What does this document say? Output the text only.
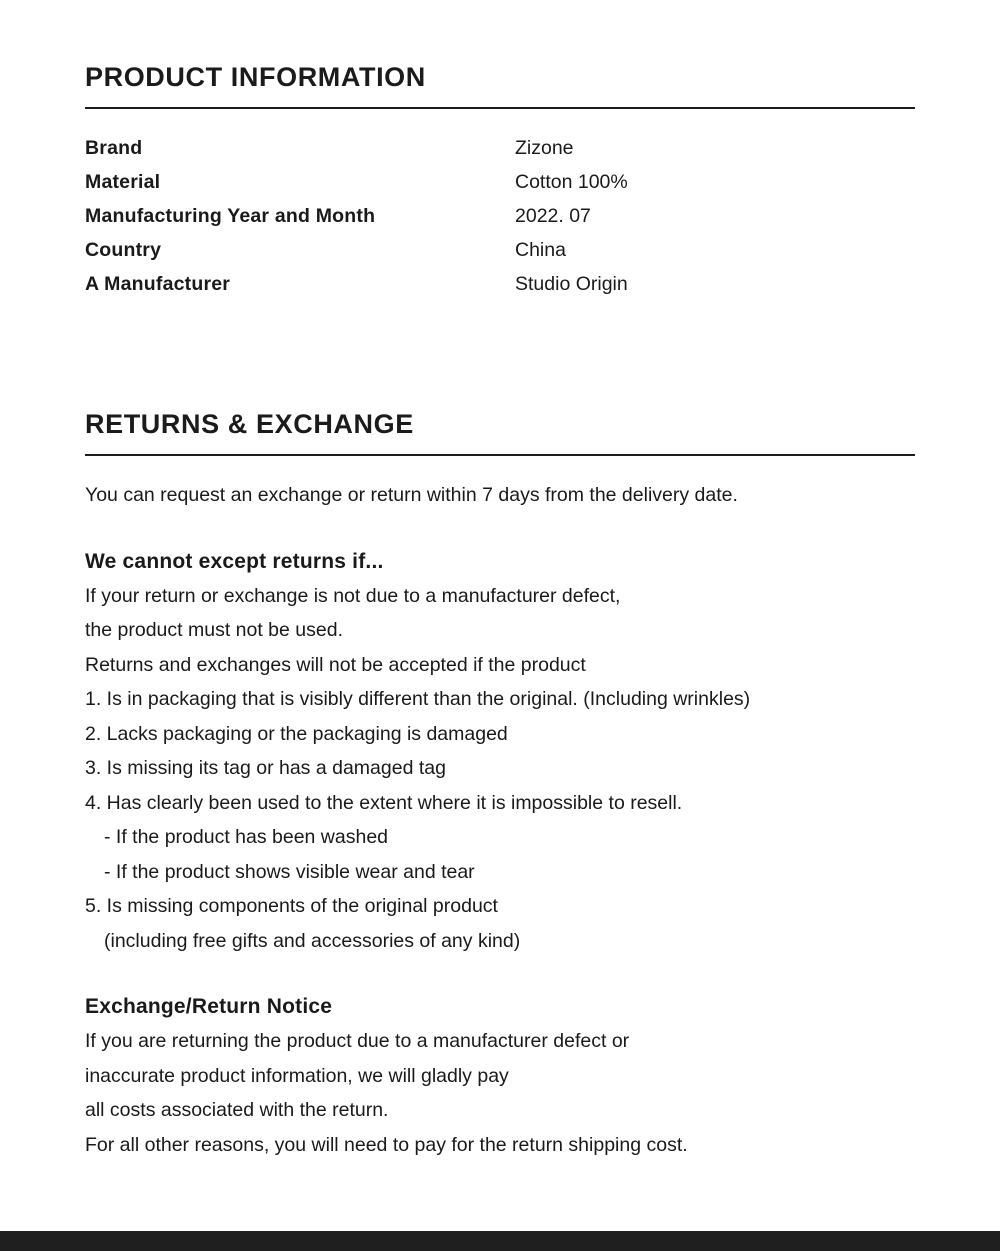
PRODUCT INFORMATION
Brand	Zizone
Material	Cotton 100%
Manufacturing Year and Month	2022. 07
Country	China
A Manufacturer	Studio Origin
RETURNS & EXCHANGE

You can request an exchange or return within 7 days from the delivery date.

We cannot except returns if...

If your return or exchange is not due to a manufacturer defect,

the product must not be used.

Returns and exchanges will not be accepted if the product

1. Is in packaging that is visibly different than the original. (Including wrinkles)

2. Lacks packaging or the packaging is damaged

3. Is missing its tag or has a damaged tag

4. Has clearly been used to the extent where it is impossible to resell.

- If the product has been washed

- If the product shows visible wear and tear

5. Is missing components of the original product

(including free gifts and accessories of any kind)

Exchange/Return Notice

If you are returning the product due to a manufacturer defect or

inaccurate product information, we will gladly pay

all costs associated with the return.

For all other reasons, you will need to pay for the return shipping cost.
